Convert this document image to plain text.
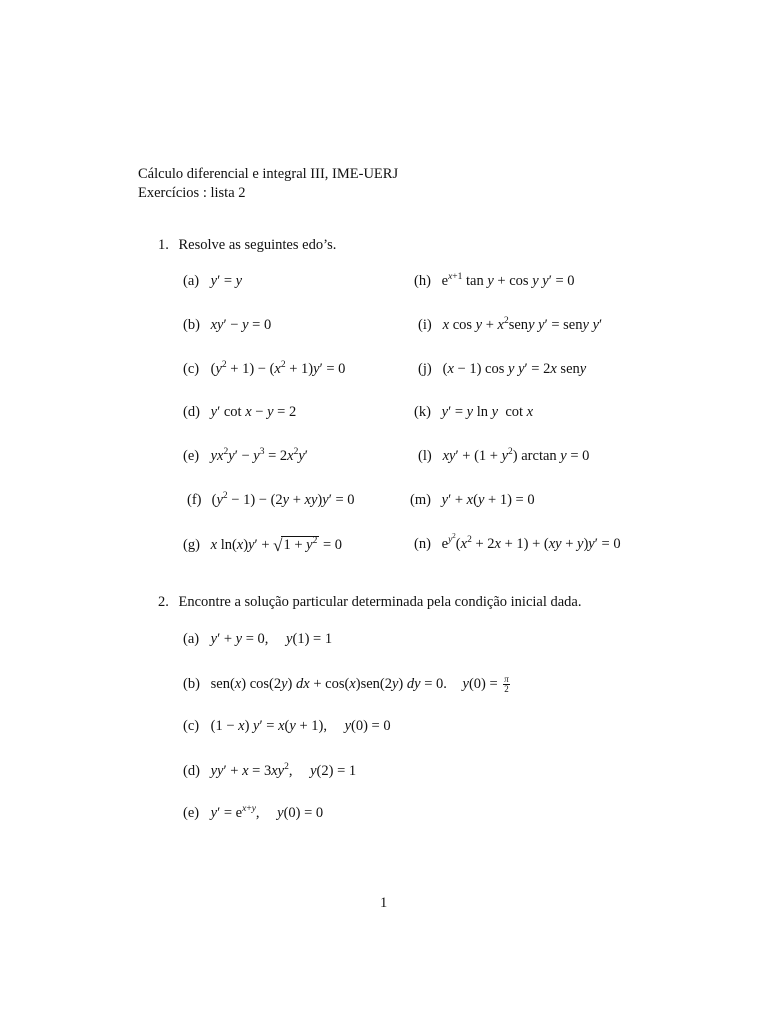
Cálculo diferencial e integral III, IME-UERJ
Exercícios : lista 2
1. Resolve as seguintes edo’s.
(a) y′ = y
(b) xy′ − y = 0
(c) $(y^2 + 1) - (x^2 + 1)y' = 0$
(d) y′ cot x − y = 2
(e) $yx^2y' - y^3 = 2x^2y'$
(f) $(y^2 - 1) - (2y + xy)y' = 0$
(g) x $\ln(x)y' + √1 + y^2 = 0$
(h) $e^{x+1}$ tan y + cos y y′ = 0
(i) x $\cos y + x^2seny$ y′ = seny y′
(j) (x − 1) cos y y′ = 2x seny
(k) y′ = y ln y  cot x
(l) $xy' + (1 + y^2)$ arctan y = 0
(m) y′ + x(y + 1) = 0
(n) $e^{y^2}(x^2 + 2x + 1) + (xy + y)y' = 0$
2. Encontre a solução particular determinada pela condição inicial dada.
(a) y′ + y = 0, y(1) = 1
(b) sen(x) cos(2y) dx + cos(x)sen(2y) dy = 0. $y(0) = \frac{\pi}{2}$
(c) (1 − x) y′ = x(y + 1), y(0) = 0
(d) $yy' + x = 3xy^2$, y(2) = 1
(e) $y' = e^{x+y}$, y(0) = 0
1
